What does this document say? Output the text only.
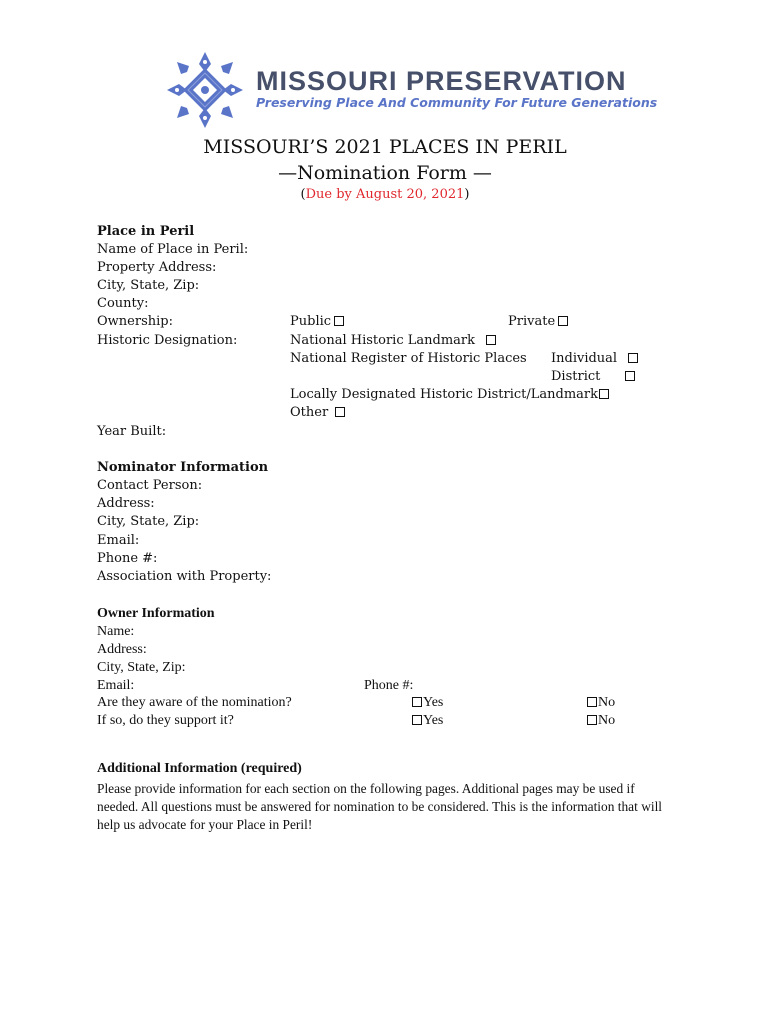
MISSOURI PRESERVATION
Preserving Place And Community For Future Generations
MISSOURI’S 2021 PLACES IN PERIL
—Nomination Form —
(Due by August 20, 2021)
Place in Peril
Name of Place in Peril:
Property Address:
City, State, Zip:
County:
Ownership:
Historic Designation:
Public	Private
National Historic Landmark
National Register of Historic Places Individual
District
Locally Designated Historic District/Landmark
Other
Year Built:
Nominator Information
Contact Person:
Address:
City, State, Zip:
Email:
Phone #:
Association with Property:
Owner Information
Name:
Address:
City, State, Zip:
Email:	Phone #:
Are they aware of the nomination?
If so, do they support it?
Yes
Yes
No
No
Additional Information (required)
Please provide information for each section on the following pages. Additional pages may be used if needed. All questions must be answered for nomination to be considered. This is the information that will help us advocate for your Place in Peril!
